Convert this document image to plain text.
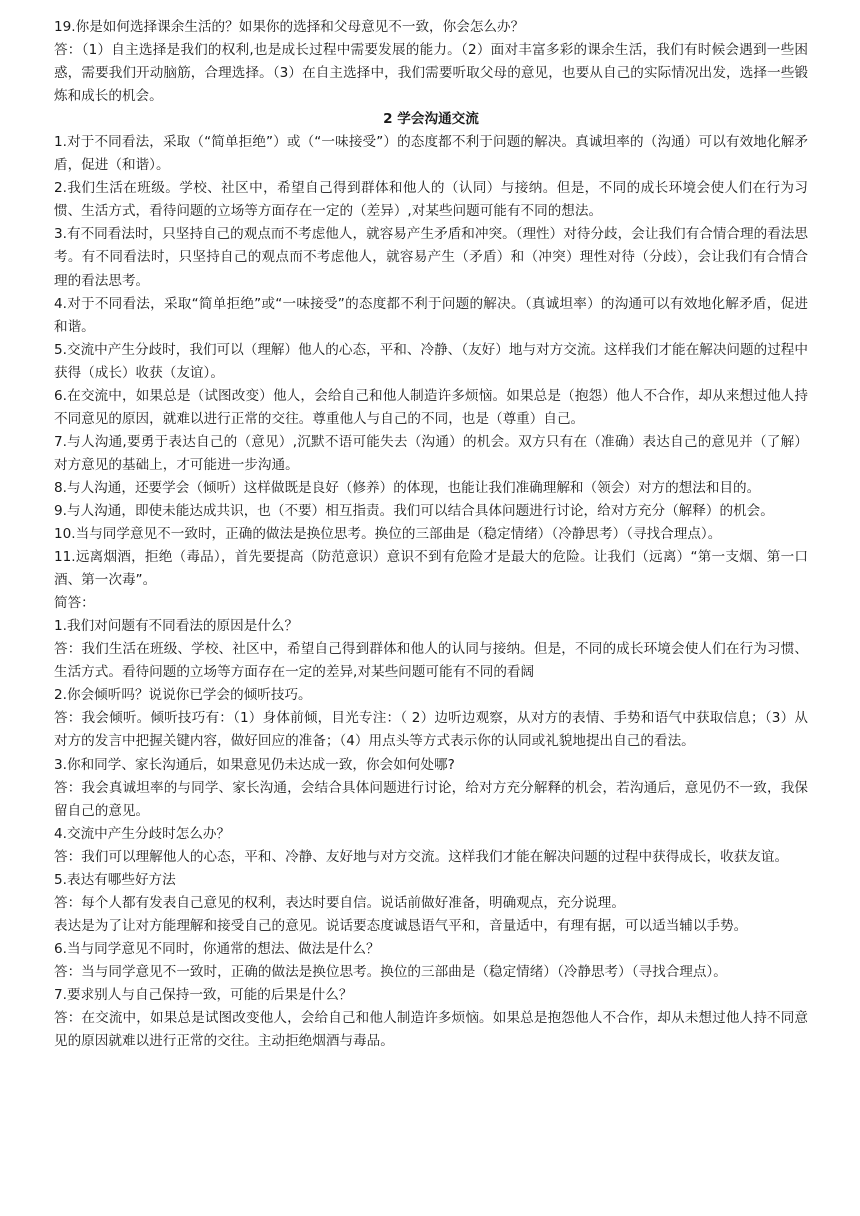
19.你是如何选择课余生活的？如果你的选择和父母意见不一致，你会怎么办？

答：（1）自主选择是我们的权利,也是成长过程中需要发展的能力。（2）面对丰富多彩的课余生活，我们有时候会遇到一些困惑，需要我们开动脑筋，合理选择。（3）在自主选择中，我们需要听取父母的意见，也要从自己的实际情况出发，选择一些锻炼和成长的机会。

2 学会沟通交流

1.对于不同看法，采取（“简单拒绝”）或（“一味接受”）的态度都不利于问题的解决。真诚坦率的（沟通）可以有效地化解矛盾，促进（和谐）。

2.我们生活在班级。学校、社区中，希望自己得到群体和他人的（认同）与接纳。但是，不同的成长环境会使人们在行为习惯、生活方式，看待问题的立场等方面存在一定的（差异）,对某些问题可能有不同的想法。

3.有不同看法时，只坚持自己的观点而不考虑他人，就容易产生矛盾和冲突。（理性）对待分歧，会让我们有合情合理的看法思考。有不同看法时，只坚持自己的观点而不考虑他人，就容易产生（矛盾）和（冲突）理性对待（分歧），会让我们有合情合理的看法思考。

4.对于不同看法，采取“简单拒绝”或“一味接受”的态度都不利于问题的解决。（真诚坦率）的沟通可以有效地化解矛盾，促进和谐。

5.交流中产生分歧时，我们可以（理解）他人的心态，平和、冷静、（友好）地与对方交流。这样我们才能在解决问题的过程中获得（成长）收获（友谊）。

6.在交流中，如果总是（试图改变）他人，会给自己和他人制造许多烦恼。如果总是（抱怨）他人不合作，却从来想过他人持不同意见的原因，就难以进行正常的交往。尊重他人与自己的不同，也是（尊重）自己。

7.与人沟通,要勇于表达自己的（意见）,沉默不语可能失去（沟通）的机会。双方只有在（准确）表达自己的意见并（了解）对方意见的基础上，才可能进一步沟通。

8.与人沟通，还要学会（倾听）这样做既是良好（修养）的体现，也能让我们准确理解和（领会）对方的想法和目的。

9.与人沟通，即使未能达成共识，也（不要）相互指责。我们可以结合具体问题进行讨论，给对方充分（解释）的机会。

10.当与同学意见不一致时，正确的做法是换位思考。换位的三部曲是（稳定情绪）（冷静思考）（寻找合理点）。

11.远离烟酒，拒绝（毒品），首先要提高（防范意识）意识不到有危险才是最大的危险。让我们（远离）“第一支烟、第一口酒、第一次毒”。

简答：

1.我们对问题有不同看法的原因是什么？

答：我们生活在班级、学校、社区中，希望自己得到群体和他人的认同与接纳。但是，不同的成长环境会使人们在行为习惯、生活方式。看待问题的立场等方面存在一定的差异,对某些问题可能有不同的看阔

2.你会倾听吗？说说你已学会的倾听技巧。

答：我会倾听。倾听技巧有：（1）身体前倾，目光专注：（ 2）边听边观察，从对方的表情、手势和语气中获取信息；（3）从对方的发言中把握关键内容，做好回应的准备；（4）用点头等方式表示你的认同或礼貌地提出自己的看法。

3.你和同学、家长沟通后，如果意见仍未达成一致，你会如何处哪?

答：我会真诚坦率的与同学、家长沟通，会结合具体问题进行讨论，给对方充分解释的机会，若沟通后，意见仍不一致，我保留自己的意见。

4.交流中产生分歧时怎么办？

答：我们可以理解他人的心态，平和、冷静、友好地与对方交流。这样我们才能在解决问题的过程中获得成长，收获友谊。

5.表达有哪些好方法

答：每个人都有发表自己意见的权利，表达时要自信。说话前做好准备，明确观点，充分说理。

表达是为了让对方能理解和接受自己的意见。说话要态度诚恳语气平和，音量适中，有理有据，可以适当辅以手势。

6.当与同学意见不同时，你通常的想法、做法是什么？

答：当与同学意见不一致时，正确的做法是换位思考。换位的三部曲是（稳定情绪）（冷静思考）（寻找合理点）。

7.要求别人与自己保持一致，可能的后果是什么？

答：在交流中，如果总是试图改变他人，会给自己和他人制造许多烦恼。如果总是抱怨他人不合作，却从未想过他人持不同意见的原因就难以进行正常的交往。主动拒绝烟酒与毒品。
